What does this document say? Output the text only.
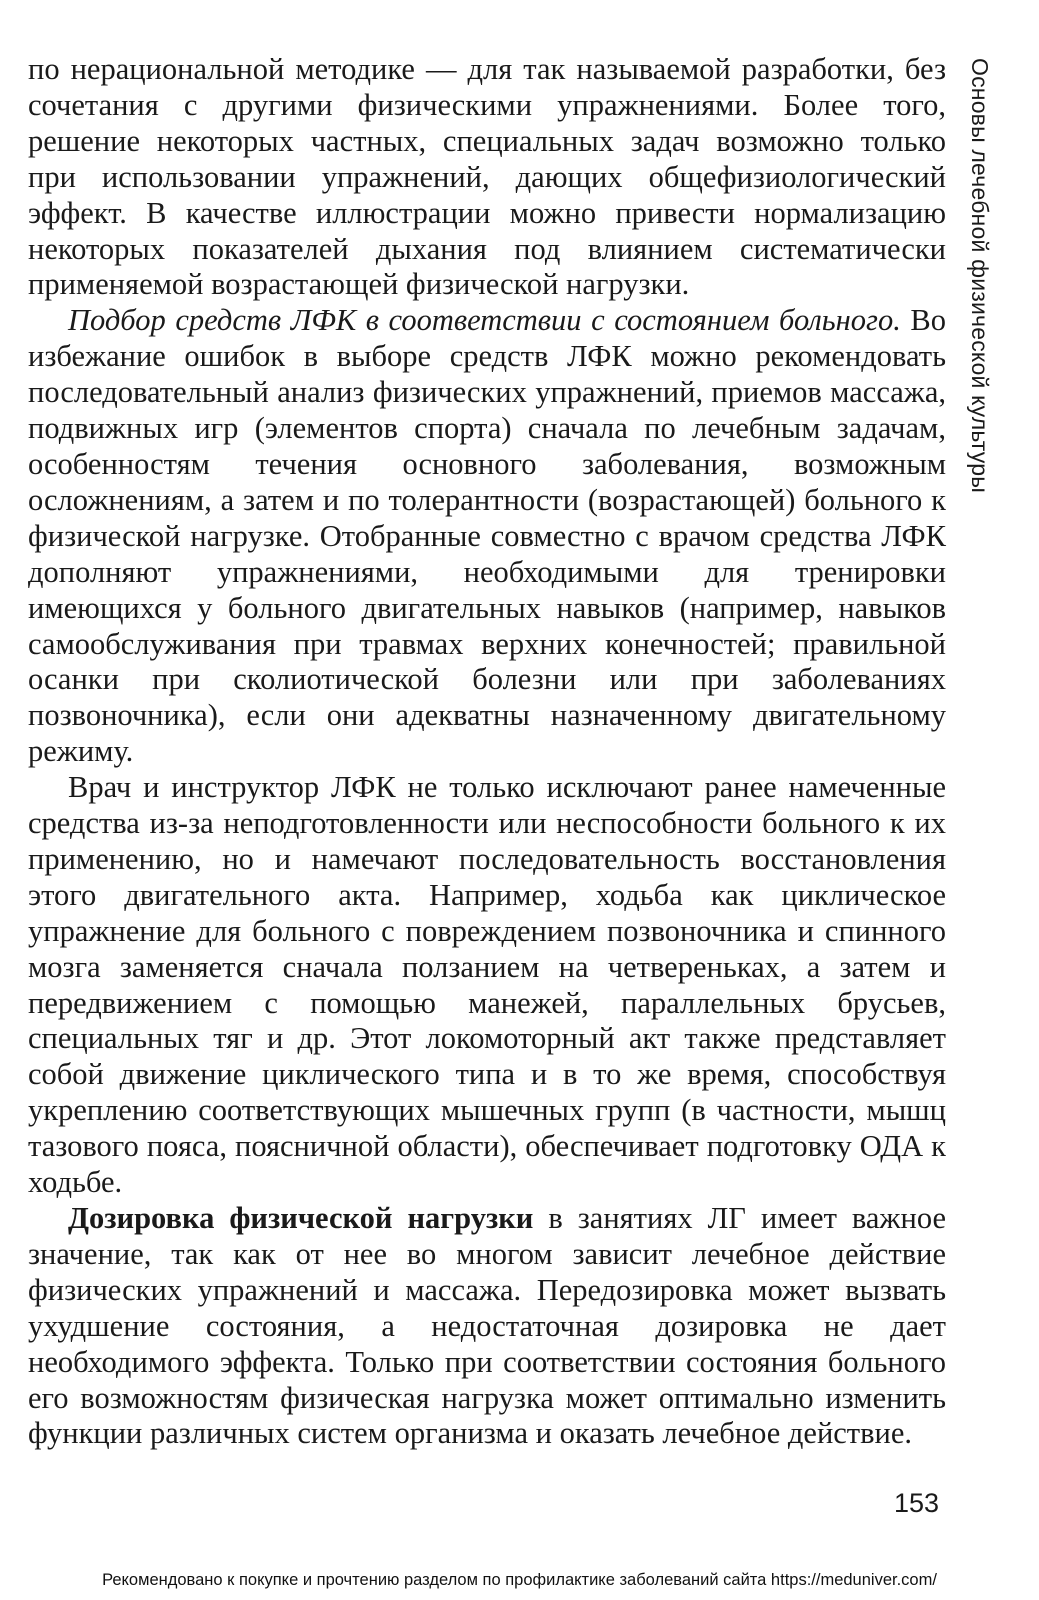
Основы лечебной физической культуры

по нерациональной методике — для так называемой разработки, без сочетания с другими физическими упражнениями. Более того, решение некоторых частных, специальных задач возможно только при использовании упражнений, дающих общефизиологический эффект. В качестве иллюстрации можно привести нормализацию некоторых показателей дыхания под влиянием систематически применяемой возрастающей физической нагрузки.

Подбор средств ЛФК в соответствии с состоянием больного. Во избежание ошибок в выборе средств ЛФК можно рекомендовать последовательный анализ физических упражнений, приемов массажа, подвижных игр (элементов спорта) сначала по лечебным задачам, особенностям течения основного заболевания, возможным осложнениям, а затем и по толерантности (возрастающей) больного к физической нагрузке. Отобранные совместно с врачом средства ЛФК дополняют упражнениями, необходимыми для тренировки имеющихся у больного двигательных навыков (например, навыков самообслуживания при травмах верхних конечностей; правильной осанки при сколиотической болезни или при заболеваниях позвоночника), если они адекватны назначенному двигательному режиму.

Врач и инструктор ЛФК не только исключают ранее намеченные средства из-за неподготовленности или неспособности больного к их применению, но и намечают последовательность восстановления этого двигательного акта. Например, ходьба как циклическое упражнение для больного с повреждением позвоночника и спинного мозга заменяется сначала ползанием на четвереньках, а затем и передвижением с помощью манежей, параллельных брусьев, специальных тяг и др. Этот локомоторный акт также представляет собой движение циклического типа и в то же время, способствуя укреплению соответствующих мышечных групп (в частности, мышц тазового пояса, поясничной области), обеспечивает подготовку ОДА к ходьбе.

Дозировка физической нагрузки в занятиях ЛГ имеет важное значение, так как от нее во многом зависит лечебное действие физических упражнений и массажа. Передозировка может вызвать ухудшение состояния, а недостаточная дозировка не дает необходимого эффекта. Только при соответствии состояния больного его возможностям физическая нагрузка может оптимально изменить функции различных систем организма и оказать лечебное действие.

153
Рекомендовано к покупке и прочтению разделом по профилактике заболеваний сайта https://meduniver.com/
